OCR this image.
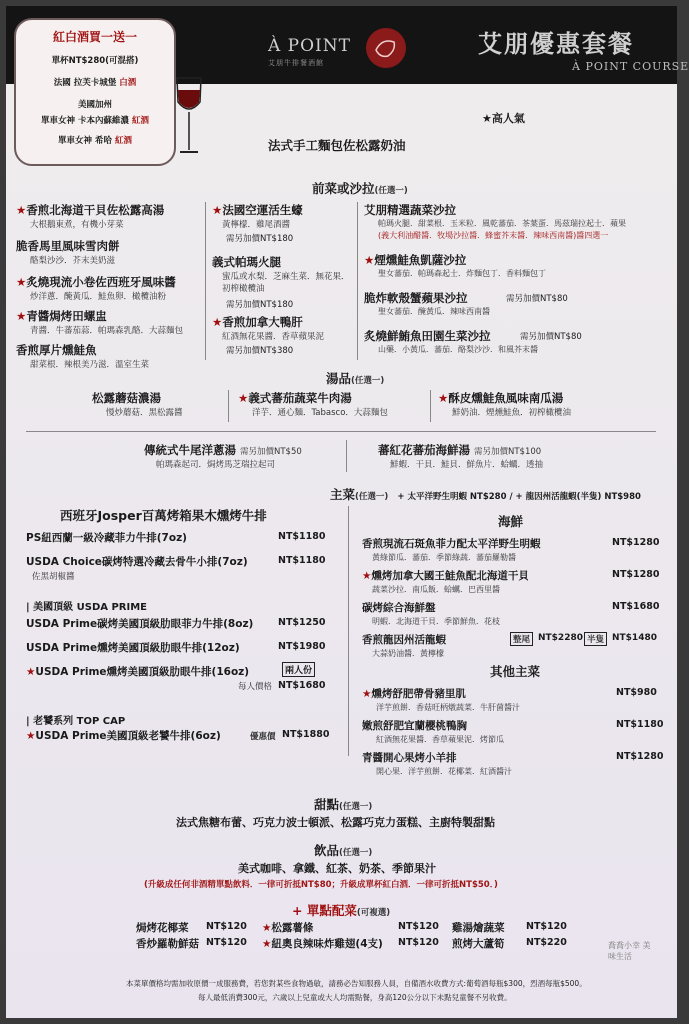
À POINT
艾朋牛排餐酒館
艾朋優惠套餐
À POINT COURSE
紅白酒買一送一
單杯NT$280(可混搭)
法國 拉芙卡城堡 白酒
美國加州
單車女神 卡本內蘇維濃 紅酒
單車女神 希哈 紅酒
★高人氣
法式手工麵包佐松露奶油
前菜或沙拉(任選一)
★香煎北海道干貝佐松露高湯
大根鵝東煮，有機小芽菜
脆香馬里風味雪肉餅
酪梨沙沙．芥末美奶滋
★炙燒現流小卷佐西班牙風味醬
炒洋蔥．醃黃瓜．鮭魚卵．橄欖油粉
★青醬焗烤田螺盅
青醬．牛蕃茄蒜．帕瑪森乳酪．大蒜麵包
香煎厚片燻鮭魚
甜菜根．辣根美乃滋．溫室生菜
★法國空運活生蠔
黃檸檬．雞尾酒醬
需另加價NT$180
義式帕瑪火腿
蜜瓜或水梨．芝麻生菜．無花果．初榨橄欖油
需另加價NT$180
★香煎加拿大鴨肝
紅酒無花果醬．香草蘋果泥
需另加價NT$380
艾朋精選蔬菜沙拉
帕瑪火腿．甜菜根．玉米粒．風乾蕃茄．茶葉蛋．馬茲瑞拉起士．蘋果
(義大利油醋醬．牧場沙拉醬．蜂蜜芥末醬．辣味西南醬)醬四選一
★煙燻鮭魚凱薩沙拉
聖女蕃茄．帕瑪森起士．炸麵包丁．香料麵包丁
脆炸軟殼蟹蘋果沙拉
聖女蕃茄．醃黃瓜．辣味西南醬
需另加價NT$80
炙燒鮮鮪魚田園生菜沙拉
山藥．小黃瓜．蕃茄．酪梨沙沙．和風芥末醬
需另加價NT$80
湯品(任選一)
松露蘑菇濃湯
慢炒蘑菇．黑松露醬
★義式蕃茄蔬菜牛肉湯
洋芋．通心麵．Tabasco．大蒜麵包
★酥皮燻鮭魚風味南瓜湯
鮮奶油．煙燻鮭魚．初榨橄欖油
傳統式牛尾洋蔥湯 需另加價NT$50
帕瑪森起司．焗烤馬芝瑞拉起司
蕃紅花蕃茄海鮮湯 需另加價NT$100
鮮蝦．干貝．鮭貝．鮮魚片．蛤蠣．透抽
主菜(任選一) + 太平洋野生明蝦 NT$280 / + 龍因州活龍蝦(半隻) NT$980
西班牙Josper百萬烤箱果木燻烤牛排
PS紐西蘭一級冷藏菲力牛排(7oz)	NT$1180
USDA Choice碳烤特選冷藏去骨牛小排(7oz)	NT$1180
佐黑胡椒醬
| 美國頂級 USDA PRIME
USDA Prime碳烤美國頂級肋眼菲力牛排(8oz)	NT$1250
USDA Prime燻烤美國頂級肋眼牛排(12oz)	NT$1980
★USDA Prime燻烤美國頂級肋眼牛排(16oz)	兩人份
每人價格 NT$1680
| 老饕系列 TOP CAP
★USDA Prime美國頂級老饕牛排(6oz)	優惠價 NT$1880
海鮮
香煎現流石斑魚菲力配太平洋野生明蝦
黃綠節瓜．蕃茄．季節綠蔬．蕃茄羅勒醬
NT$1280
★燻烤加拿大國王鮭魚配北海道干貝
蔬菜沙拉．南瓜飯．蛤蠣．巴西里醬
NT$1280
碳烤綜合海鮮盤
明蝦．北海道干貝．季節鮮魚．花枝
NT$1680
香煎龍因州活龍蝦
大蒜奶油醬．黃檸檬
整尾 NT$2280 半隻 NT$1480
其他主菜
★燻烤舒肥帶骨豬里肌
洋芋煎餅．香菇旺柄燉蔬菜．牛肝菌醬汁
NT$980
嫩煎舒肥宜蘭櫻桃鴨胸
紅酒無花果醬．香草蘋果泥．烤節瓜
NT$1180
青醬開心果烤小羊排
開心果．洋芋煎餅．花椰菜．紅酒醬汁
NT$1280
甜點(任選一)
法式焦糖布蕾、巧克力波士頓派、松露巧克力蛋糕、主廚特製甜點
飲品(任選一)
美式咖啡、拿鐵、紅茶、奶茶、季節果汁
(升級成任何非酒精單點飲料．一律可折抵NT$80；升級成單杯紅白酒．一律可折抵NT$50．)
+ 單點配菜(可複選)
焗烤花椰菜 NT$120 ★松露薯條	NT$120 雞湯燴蔬菜 NT$120
香炒羅勒鮮菇 NT$120 ★紐奧良辣味炸雞翅(4支) NT$120 煎烤大蘆筍 NT$220
本菜單價格均需加收原價一成服務費，若您對某些食物過敏，請務必告知服務人員，自備酒水收費方式:葡萄酒每瓶$300，烈酒每瓶$500。
每人最低消費300元，六歲以上兒童或大人均需點餐，身高120公分以下未點兒童餐不另收費。
喬喬小幸 美味生活
